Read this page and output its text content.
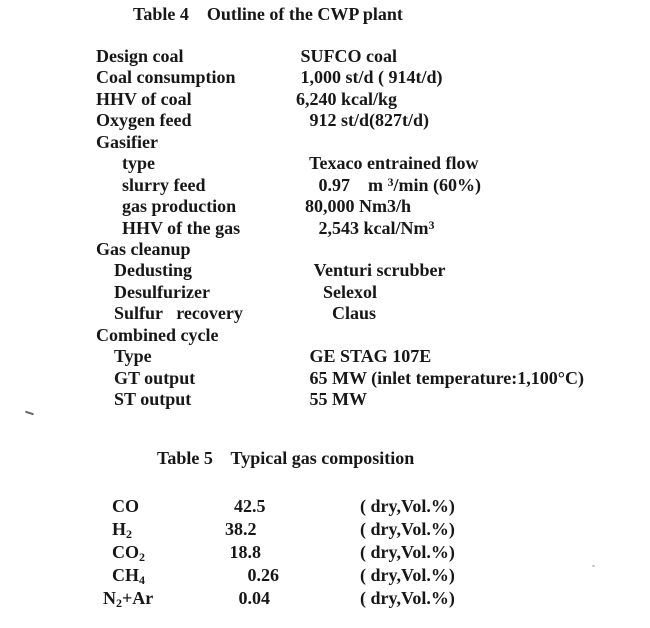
Table 4    Outline of the CWP plant
Design coal	SUFCO coal
Coal consumption	1,000 st/d ( 914t/d)
HHV of coal	6,240 kcal/kg
Oxygen feed	912 st/d(827t/d)
Gasifier
type	Texaco entrained flow
slurry feed	0.97    m $^3$/min (60%)
gas production	80,000 Nm3/h
HHV of the gas	2,543 kcal/Nm$^3$
Gas cleanup
Dedusting	Venturi scrubber
Desulfurizer	Selexol
Sulfur   recovery	Claus
Combined cycle
Type	GE STAG 107E
GT output	65 MW (inlet temperature:1,100°C)
ST output	55 MW
Table 5    Typical gas composition
CO	42.5	( dry,Vol.%)
$H_2$	38.2	( dry,Vol.%)
$CO_2$	18.8	( dry,Vol.%)
$CH_4$	0.26	( dry,Vol.%)
$N_2+Ar$	0.04	( dry,Vol.%)
